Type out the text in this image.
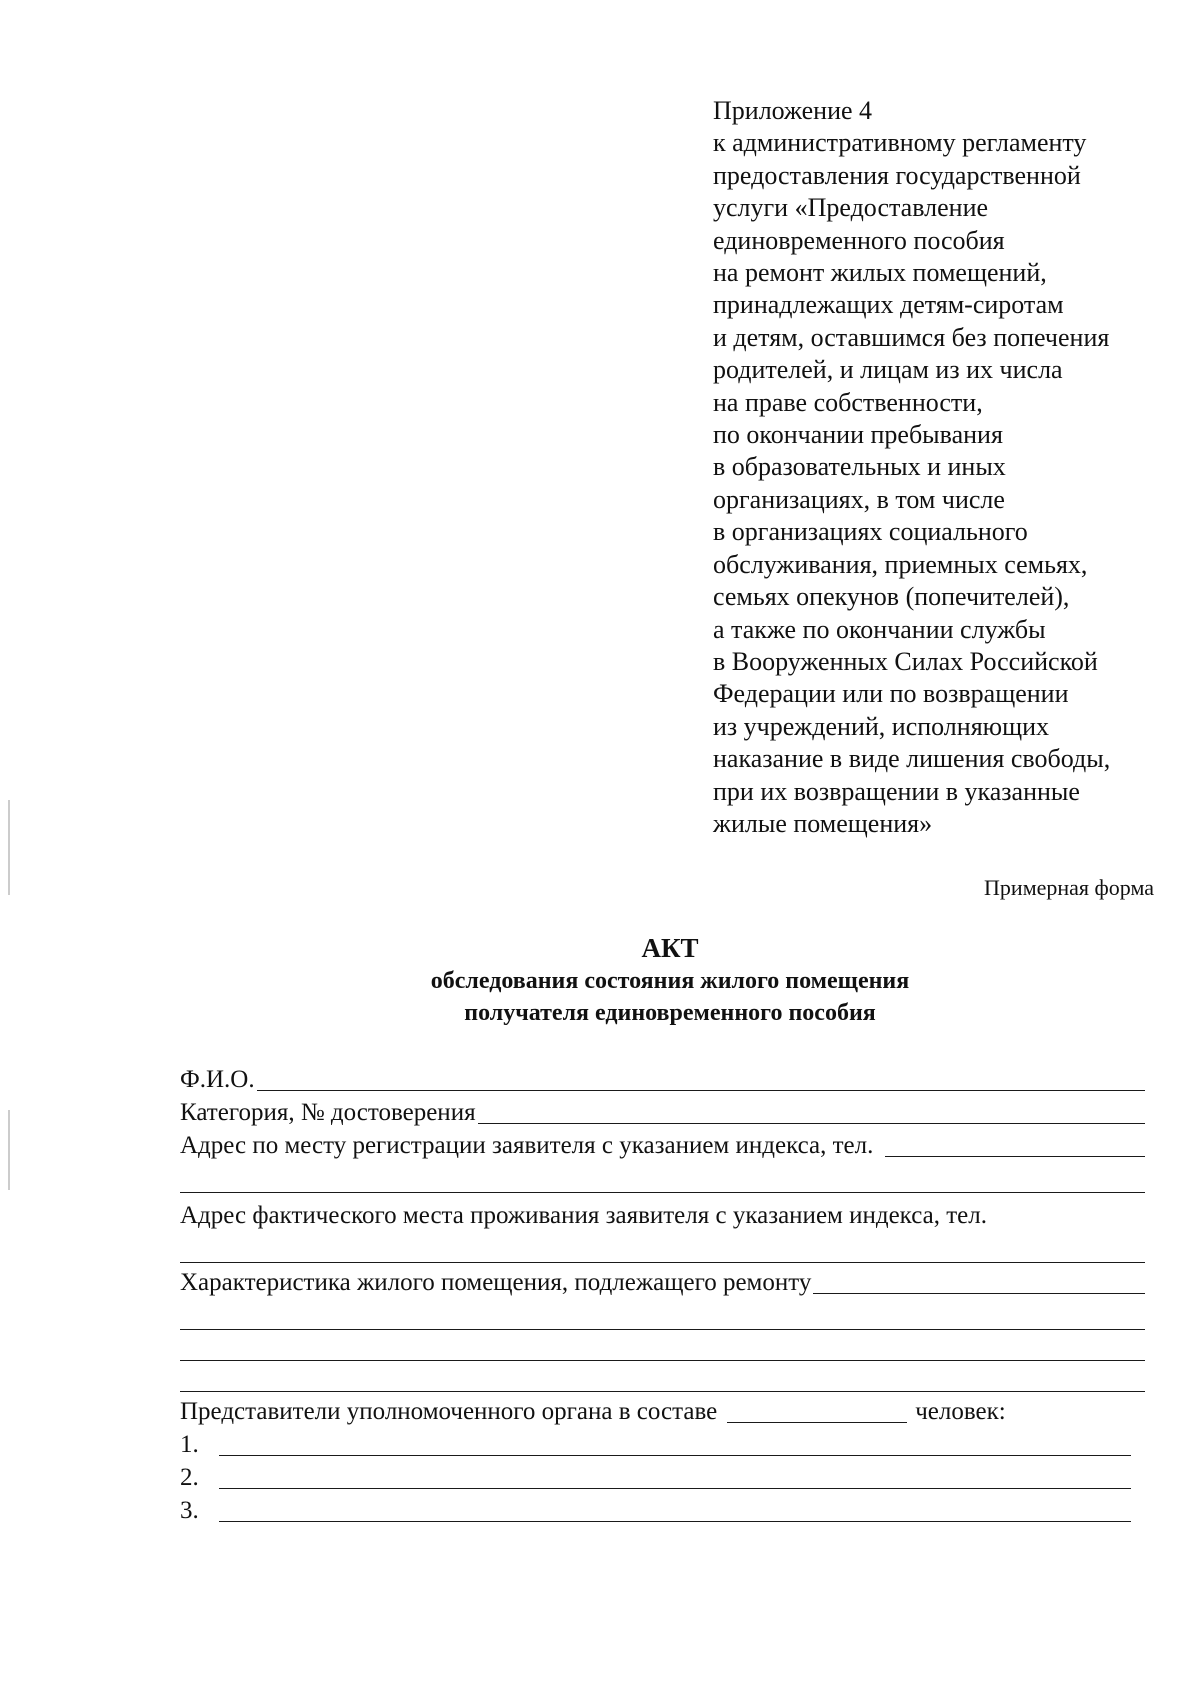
Приложение 4
к административному регламенту
предоставления государственной
услуги «Предоставление
единовременного пособия
на ремонт жилых помещений,
принадлежащих детям-сиротам
и детям, оставшимся без попечения
родителей, и лицам из их числа
на праве собственности,
по окончании пребывания
в образовательных и иных
организациях, в том числе
в организациях социального
обслуживания, приемных семьях,
семьях опекунов (попечителей),
а также по окончании службы
в Вооруженных Силах Российской
Федерации или по возвращении
из учреждений, исполняющих
наказание в виде лишения свободы,
при их возвращении в указанные
жилые помещения»
Примерная форма
АКТ
обследования состояния жилого помещения
получателя единовременного пособия
Ф.И.О.
Категория, № достоверения
Адрес по месту регистрации заявителя с указанием индекса, тел.
Адрес фактического места проживания заявителя с указанием индекса, тел.
Характеристика жилого помещения, подлежащего ремонту
Представители уполномоченного органа в составе	человек:
1.
2.
3.
